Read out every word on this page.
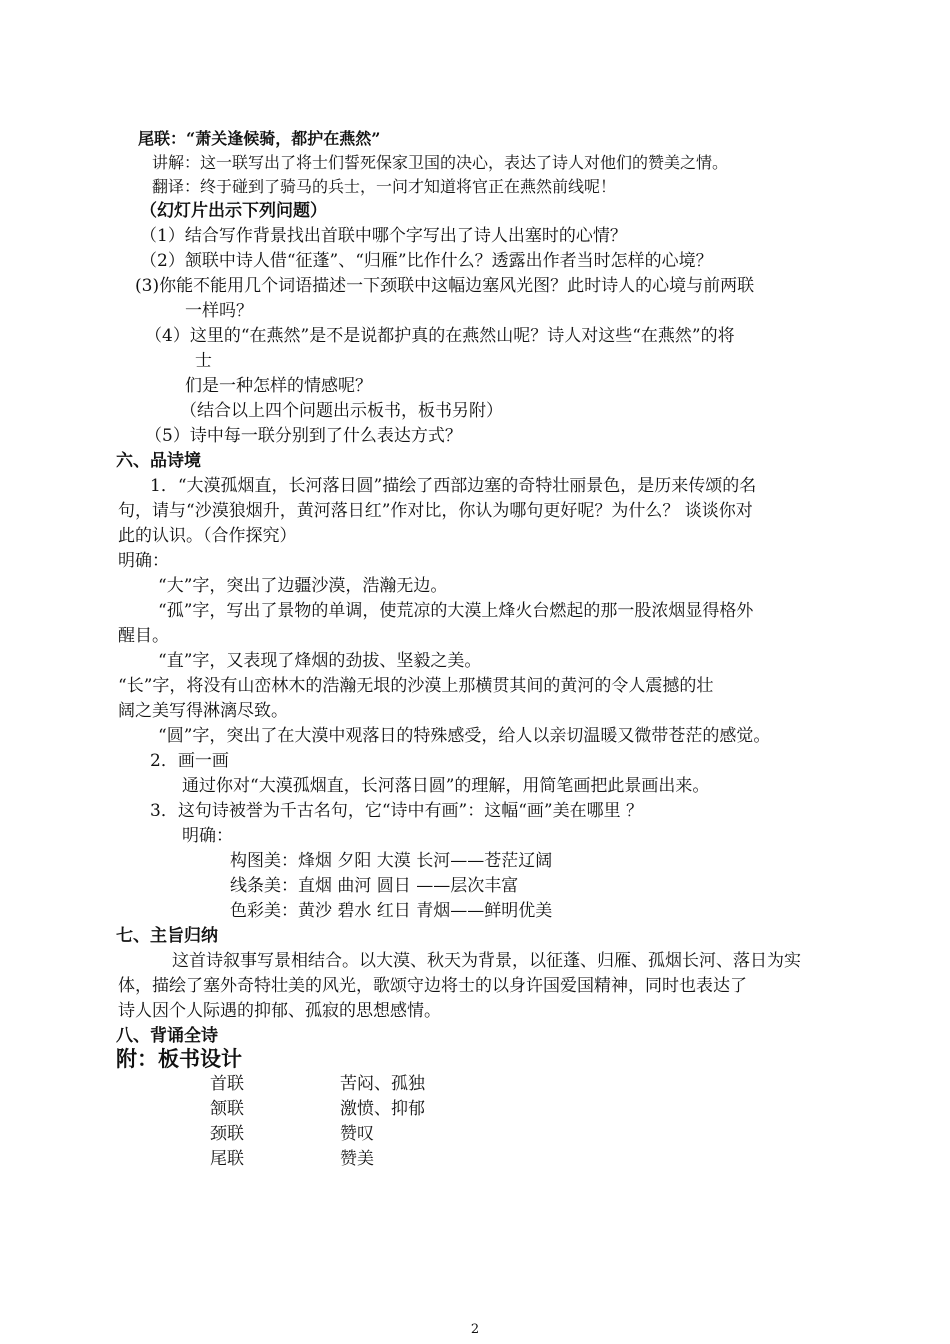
尾联：“萧关逢候骑，都护在燕然”
讲解：这一联写出了将士们誓死保家卫国的决心，表达了诗人对他们的赞美之情。
翻译：终于碰到了骑马的兵士，一问才知道将官正在燕然前线呢！
（幻灯片出示下列问题）
（1）结合写作背景找出首联中哪个字写出了诗人出塞时的心情？
（2）颔联中诗人借“征蓬”、“归雁”比作什么？透露出作者当时怎样的心境？
(3)你能不能用几个词语描述一下颈联中这幅边塞风光图？此时诗人的心境与前两联
一样吗？
（4）这里的“在燕然”是不是说都护真的在燕然山呢？诗人对这些“在燕然”的将
士
们是一种怎样的情感呢？
（结合以上四个问题出示板书，板书另附）
（5）诗中每一联分别到了什么表达方式？
六、品诗境
1．“大漠孤烟直，长河落日圆”描绘了西部边塞的奇特壮丽景色，是历来传颂的名
句，请与“沙漠狼烟升，黄河落日红”作对比，你认为哪句更好呢？为什么？ 谈谈你对
此的认识。（合作探究）
明确：
“大”字，突出了边疆沙漠，浩瀚无边。
“孤”字，写出了景物的单调，使荒凉的大漠上烽火台燃起的那一股浓烟显得格外
醒目。
“直”字，又表现了烽烟的劲拔、坚毅之美。
“长”字，将没有山峦林木的浩瀚无垠的沙漠上那横贯其间的黄河的令人震撼的壮
阔之美写得淋漓尽致。
“圆”字，突出了在大漠中观落日的特殊感受，给人以亲切温暖又微带苍茫的感觉。
2．画一画
通过你对“大漠孤烟直，长河落日圆”的理解，用简笔画把此景画出来。
3．这句诗被誉为千古名句，它“诗中有画”：这幅“画”美在哪里 ？
明确：
构图美：烽烟 夕阳 大漠 长河——苍茫辽阔
线条美：直烟 曲河 圆日 ——层次丰富
色彩美：黄沙 碧水 红日 青烟——鲜明优美
七、主旨归纳
这首诗叙事写景相结合。以大漠、秋天为背景，以征蓬、归雁、孤烟长河、落日为实
体，描绘了塞外奇特壮美的风光，歌颂守边将士的以身许国爱国精神，同时也表达了
诗人因个人际遇的抑郁、孤寂的思想感情。
八、背诵全诗
附：板书设计
首联	苦闷、孤独
颔联	激愤、抑郁
颈联	赞叹
尾联	赞美
2
